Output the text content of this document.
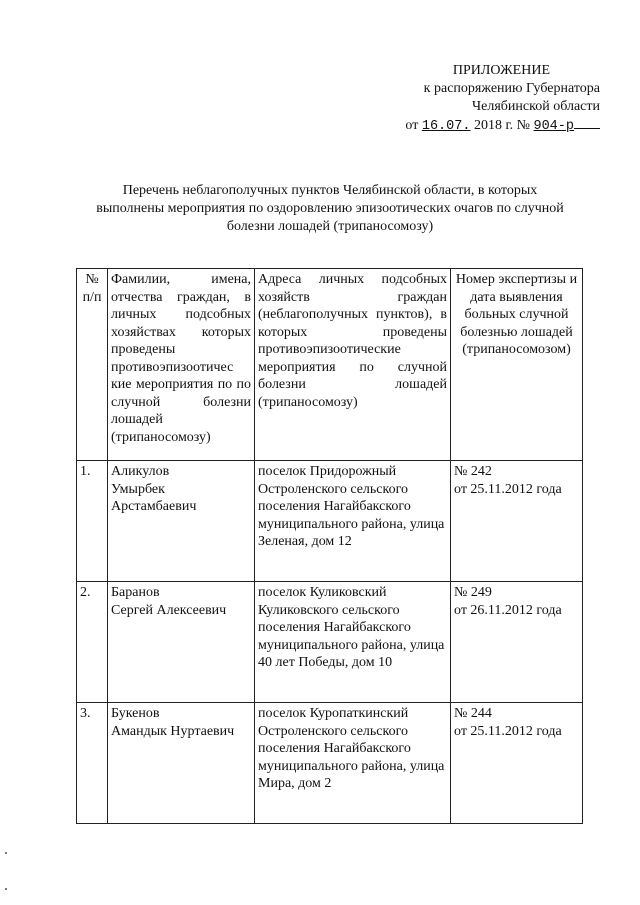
ПРИЛОЖЕНИЕ
к распоряжению Губернатора
Челябинской области
от 16.07. 2018 г. № 904-р
Перечень неблагополучных пунктов Челябинской области, в которых
выполнены мероприятия по оздоровлению эпизоотических очагов по случной
болезни лошадей (трипаносомозу)
№ п/п	Фамилии, имена, отчества граждан, в личных подсобных хозяйствах которых проведены противоэпизоотичес кие мероприятия по по случной болезни лошадей (трипаносомозу)	Адреса личных подсобных хозяйств граждан (неблагополучных пунктов), в которых проведены противоэпизоотические мероприятия по случной болезни лошадей (трипаносомозу)	Номер экспертизы и дата выявления больных случной болезнью лошадей (трипаносомозом)
1.	Аликулов
Умырбек
Арстамбаевич	поселок Придорожный Остроленского сельского поселения Нагайбакского муниципального района, улица Зеленая, дом 12	№ 242
от 25.11.2012 года

2.	Баранов
Сергей Алексеевич	поселок Куликовский Куликовского сельского поселения Нагайбакского муниципального района, улица 40 лет Победы, дом 10	№ 249
от 26.11.2012 года

3.	Букенов
Амандык Нуртаевич	поселок Куропаткинский Остроленского сельского поселения Нагайбакского муниципального района, улица Мира, дом 2	№ 244
от 25.11.2012 года
